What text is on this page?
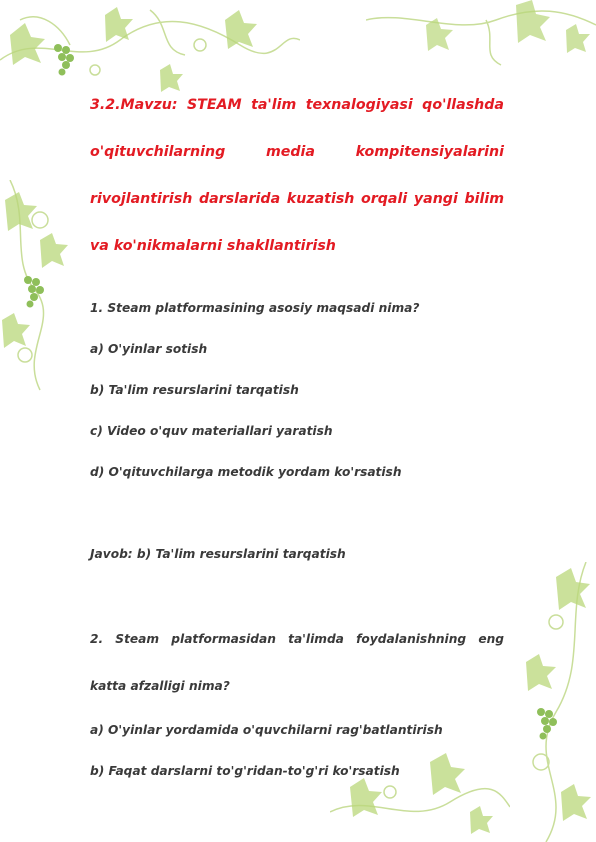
3.2.Mavzu: STEAM ta'lim texnalogiyasi qo'llashda o'qituvchilarning media kompitensiyalarini rivojlantirish darslarida kuzatish orqali yangi bilim va ko'nikmalarni shakllantirish

1. Steam platformasining asosiy maqsadi nima?

a) O'yinlar sotish

b) Ta'lim resurslarini tarqatish

c) Video o'quv materiallari yaratish

d) O'qituvchilarga metodik yordam ko'rsatish

Javob: b) Ta'lim resurslarini tarqatish

2. Steam platformasidan ta'limda foydalanishning eng katta afzalligi nima?

a) O'yinlar yordamida o'quvchilarni rag'batlantirish

b) Faqat darslarni to'g'ridan-to'g'ri ko'rsatish
